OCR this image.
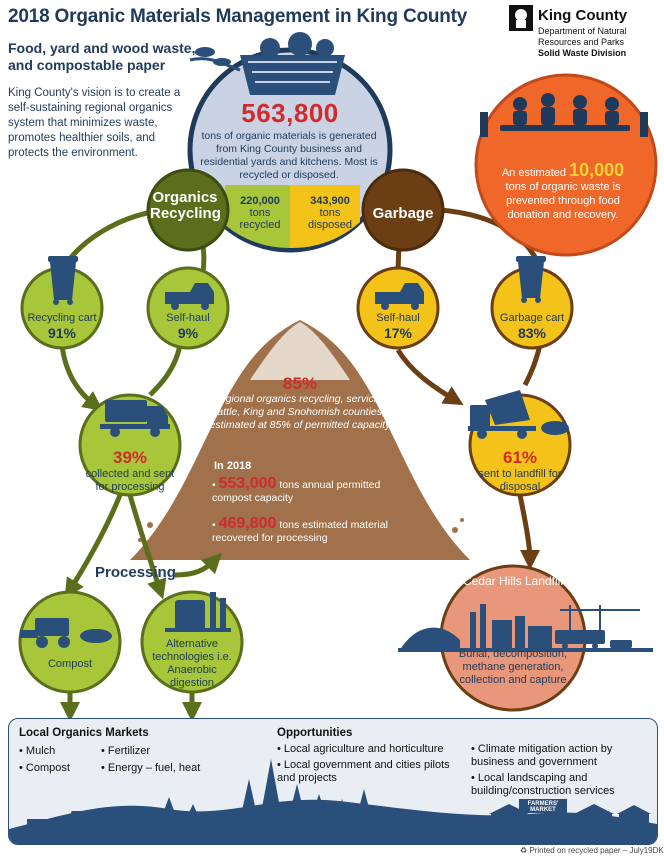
2018 Organic Materials Management in King County
Food, yard and wood waste, and compostable paper
King County's vision is to create a self-sustaining regional organics system that minimizes waste, promotes healthier soils, and protects the environment.
King County
Department of Natural Resources and Parks
Solid Waste Division
563,800
tons of organic materials is generated from King County business and residential yards and kitchens. Most is recycled or disposed.
220,000
tons
recycled
343,900
tons
disposed
Organics Recycling	Garbage
An estimated 10,000
tons of organic waste is prevented through food donation and recovery.
Recycling cart
91%
Self-haul
9%
Self-haul
17%
Garbage cart
83%
39%
collected and sent for processing
61%
sent to landfill for disposal
85%
Regional organics recycling, servicing Seattle, King and Snohomish counties, is estimated at 85% of permitted capacity
In 2018
• 553,000 tons annual permitted compost capacity
• 469,800 tons estimated material recovered for processing
Processing
Compost
Alternative technologies i.e. Anaerobic digestion
Cedar Hills Landfill
Burial, decomposition, methane generation, collection and capture
FARMERS' MARKET
Local Organics Markets
• Mulch
• Compost
• Fertilizer
• Energy – fuel, heat
Opportunities
• Local agriculture and horticulture
• Local government and cities pilots and projects
• Climate mitigation action by business and government
• Local landscaping and building/construction services
♻ Printed on recycled paper – July19DK
